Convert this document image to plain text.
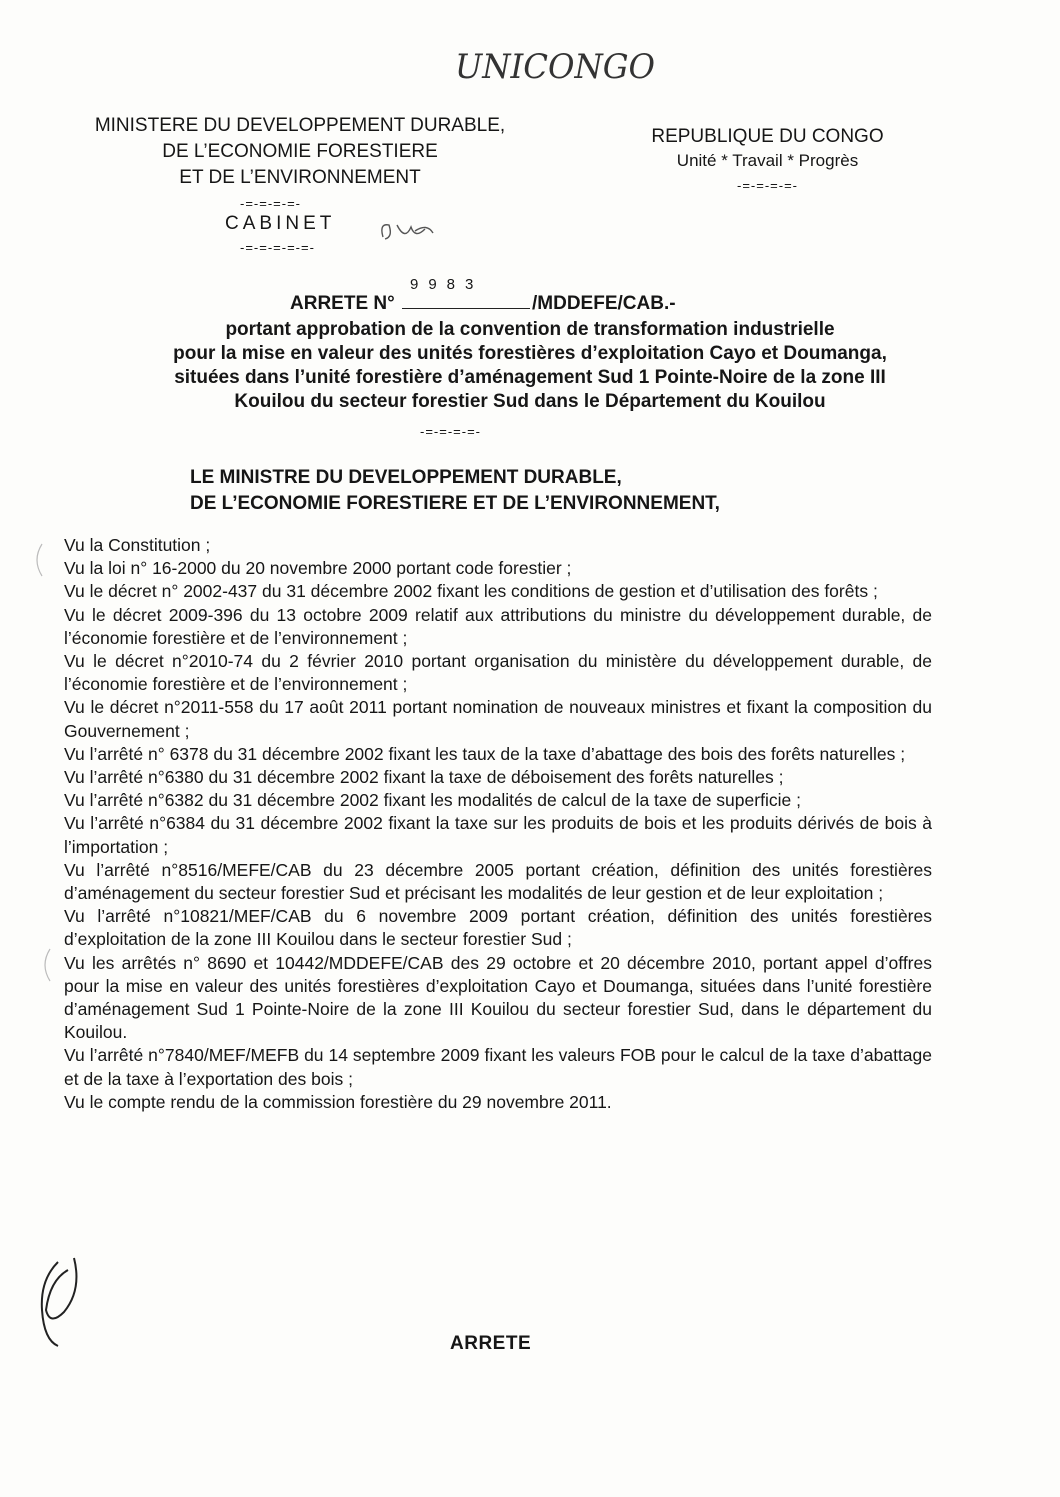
UNICONGO
MINISTERE DU DEVELOPPEMENT DURABLE,
DE L’ECONOMIE FORESTIERE
ET DE L’ENVIRONNEMENT
-=-=-=-=-
CABINET
-=-=-=-=-=-
REPUBLIQUE DU CONGO
Unité * Travail * Progrès
-=-=-=-=-
ARRETE N°
9983
/MDDEFE/CAB.-
portant approbation de la convention de transformation industrielle
pour la mise en valeur des unités forestières d’exploitation Cayo et Doumanga,
situées dans l’unité forestière d’aménagement Sud 1 Pointe-Noire de la zone III
Kouilou du secteur forestier Sud dans le Département du Kouilou
-=-=-=-=-
LE MINISTRE DU DEVELOPPEMENT DURABLE,
DE L’ECONOMIE FORESTIERE ET DE L’ENVIRONNEMENT,
Vu la Constitution ;
Vu la loi n° 16-2000 du 20 novembre 2000 portant code forestier ;
Vu le décret n° 2002-437 du 31 décembre 2002 fixant les conditions de gestion et d’utilisation des forêts ;
Vu le décret 2009-396 du 13 octobre 2009 relatif aux attributions du ministre du développement durable, de l’économie forestière et de l’environnement ;
Vu le décret n°2010-74 du 2 février 2010 portant organisation du ministère du développement durable, de l’économie forestière et de l’environnement ;
Vu le décret n°2011-558 du 17 août 2011 portant nomination de nouveaux ministres et fixant la composition du Gouvernement ;
Vu l’arrêté n° 6378 du 31 décembre 2002 fixant les taux de la taxe d’abattage des bois des forêts naturelles ;
Vu l’arrêté n°6380 du 31 décembre 2002 fixant la taxe de déboisement des forêts naturelles ;
Vu l’arrêté n°6382 du 31 décembre 2002 fixant les modalités de calcul de la taxe de superficie ;
Vu l’arrêté n°6384 du 31 décembre 2002 fixant la taxe sur les produits de bois et les produits dérivés de bois à l’importation ;
Vu l’arrêté n°8516/MEFE/CAB du 23 décembre 2005 portant création, définition des unités forestières d’aménagement du secteur forestier Sud et précisant les modalités de leur gestion et de leur exploitation ;
Vu l’arrêté n°10821/MEF/CAB du 6 novembre 2009 portant création, définition des unités forestières d’exploitation de la zone III Kouilou dans le secteur forestier Sud ;
Vu les arrêtés n° 8690 et 10442/MDDEFE/CAB des 29 octobre et 20 décembre 2010, portant appel d’offres pour la mise en valeur des unités forestières d’exploitation Cayo et Doumanga, situées dans l’unité forestière d’aménagement Sud 1 Pointe-Noire de la zone III Kouilou du secteur forestier Sud, dans le département du Kouilou.
Vu l’arrêté n°7840/MEF/MEFB du 14 septembre 2009 fixant les valeurs FOB pour le calcul de la taxe d’abattage et de la taxe à l’exportation des bois ;
Vu le compte rendu de la commission forestière du 29 novembre 2011.
ARRETE
